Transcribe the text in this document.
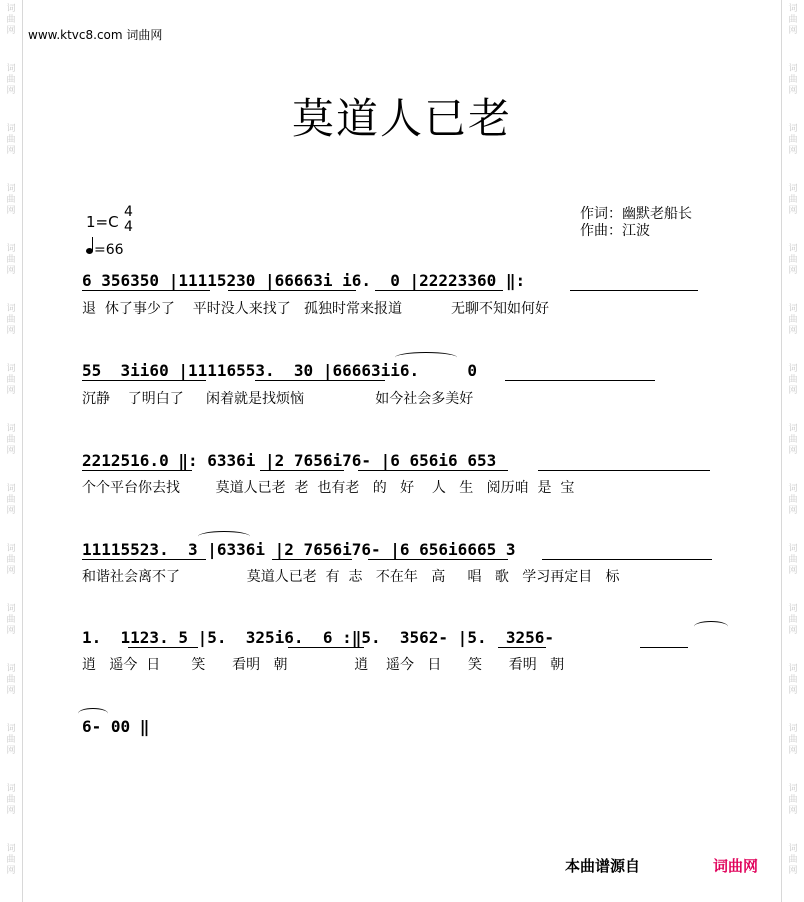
词曲网
词曲网
词曲网
词曲网
词曲网
词曲网
词曲网
词曲网
词曲网
词曲网
词曲网
词曲网
词曲网
词曲网
词曲网
词曲网
词曲网
词曲网
词曲网
词曲网
词曲网
词曲网
词曲网
词曲网
词曲网
词曲网
词曲网
词曲网
词曲网
词曲网
www.ktvc8.com 词曲网
莫道人已老
1=C
4
4
=66
作词：幽默老船长
作曲：江波
6 356350 |11115230 |66663i i6.  0 |22223360 ‖:
退  休了事少了    平时没人来找了   孤独时常来报道           无聊不知如何好
55  3ii60 |11116553.  30 |66663ii6.     0
沉静    了明白了     闲着就是找烦恼                如今社会多美好
2212516.0 ‖: 6336i |2 7656i76- |6 656i6 653
个个平台你去找        莫道人已老  老  也有老   的   好    人   生   阅历咱  是  宝
11115523.  3 |6336i |2 7656i76- |6 656i6665 3
和谐社会离不了               莫道人已老  有  志   不在年   高     唱   歌   学习再定目   标
1.  1123. 5 |5.  325i6.  6 :‖5.  3562- |5.  3256-
逍   遥今  日       笑      看明   朝               逍    遥今   日      笑      看明   朝
6- 00 ‖
本曲谱源自	词曲网
